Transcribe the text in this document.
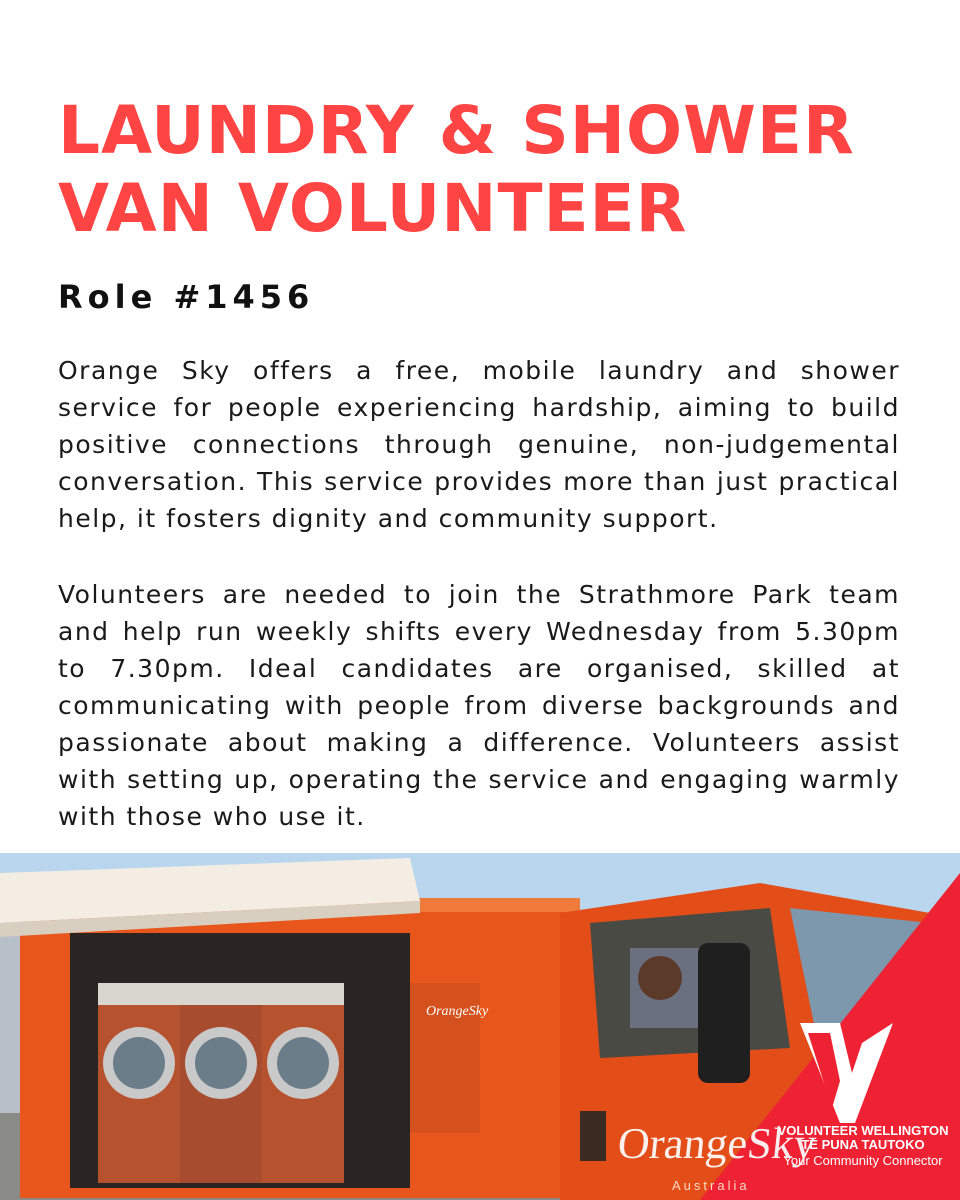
LAUNDRY & SHOWER
VAN VOLUNTEER
Role #1456

Orange Sky offers a free, mobile laundry and shower service for people experiencing hardship, aiming to build positive connections through genuine, non-judgemental conversation. This service provides more than just practical help, it fosters dignity and community support.

Volunteers are needed to join the Strathmore Park team and help run weekly shifts every Wednesday from 5.30pm to 7.30pm. Ideal candidates are organised, skilled at communicating with people from diverse backgrounds and passionate about making a difference. Volunteers assist with setting up, operating the service and engaging warmly with those who use it.

OrangeSky
OrangeSky
Australia
VOLUNTEER WELLINGTON
TE PUNA TAUTOKO
Your Community Connector
